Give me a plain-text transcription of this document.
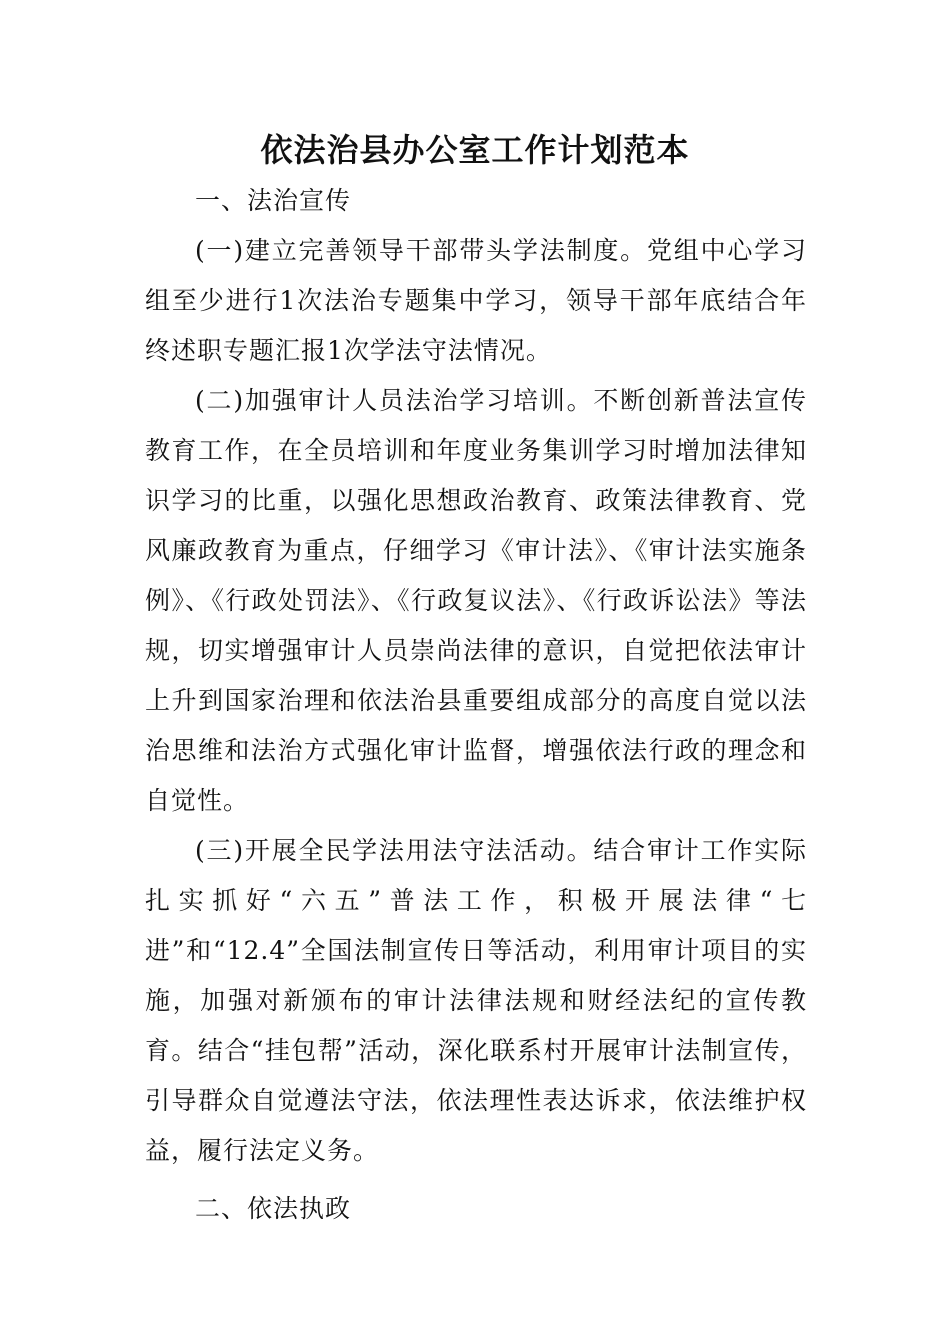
依法治县办公室工作计划范本

一、法治宣传

(一)建立完善领导干部带头学法制度。党组中心学习组至少进行1次法治专题集中学习，领导干部年底结合年终述职专题汇报1次学法守法情况。

(二)加强审计人员法治学习培训。不断创新普法宣传教育工作，在全员培训和年度业务集训学习时增加法律知识学习的比重，以强化思想政治教育、政策法律教育、党风廉政教育为重点，仔细学习《审计法》、《审计法实施条例》、《行政处罚法》、《行政复议法》、《行政诉讼法》等法规，切实增强审计人员崇尚法律的意识，自觉把依法审计上升到国家治理和依法治县重要组成部分的高度自觉以法治思维和法治方式强化审计监督，增强依法行政的理念和自觉性。

(三)开展全民学法用法守法活动。结合审计工作实际扎实抓好“六五”普法工作，积极开展法律“七进”和“12.4”全国法制宣传日等活动，利用审计项目的实施，加强对新颁布的审计法律法规和财经法纪的宣传教育。结合“挂包帮”活动，深化联系村开展审计法制宣传，引导群众自觉遵法守法，依法理性表达诉求，依法维护权益，履行法定义务。

二、依法执政
